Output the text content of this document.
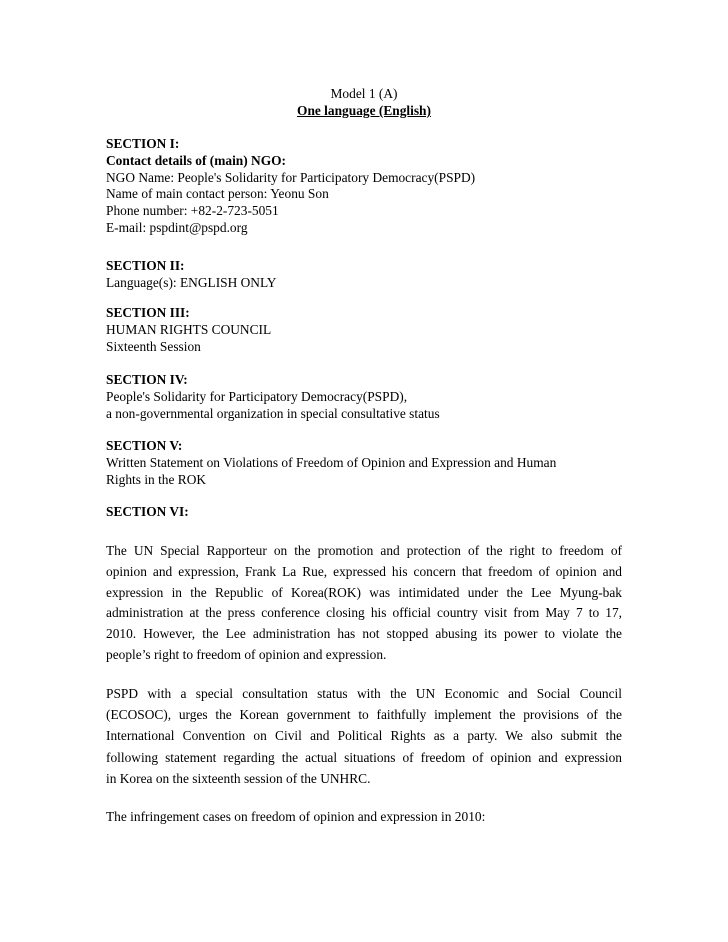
Model 1 (A)
One language (English)
SECTION I:
Contact details of (main) NGO:
NGO Name: People's Solidarity for Participatory Democracy(PSPD)
Name of main contact person: Yeonu Son
Phone number: +82-2-723-5051
E-mail: pspdint@pspd.org
SECTION II:
Language(s): ENGLISH ONLY
SECTION III:
HUMAN RIGHTS COUNCIL
Sixteenth Session
SECTION IV:
People's Solidarity for Participatory Democracy(PSPD),
a non-governmental organization in special consultative status
SECTION V:
Written Statement on Violations of Freedom of Opinion and Expression and Human
Rights in the ROK
SECTION VI:
The UN Special Rapporteur on the promotion and protection of the right to freedom of
opinion and expression, Frank La Rue, expressed his concern that freedom of opinion and
expression in the Republic of Korea(ROK) was intimidated under the Lee Myung-bak
administration at the press conference closing his official country visit from May 7 to 17,
2010. However, the Lee administration has not stopped abusing its power to violate the
people’s right to freedom of opinion and expression.
PSPD with a special consultation status with the UN Economic and Social Council
(ECOSOC), urges the Korean government to faithfully implement the provisions of the
International Convention on Civil and Political Rights as a party. We also submit the
following statement regarding the actual situations of freedom of opinion and expression
in Korea on the sixteenth session of the UNHRC.
The infringement cases on freedom of opinion and expression in 2010:
